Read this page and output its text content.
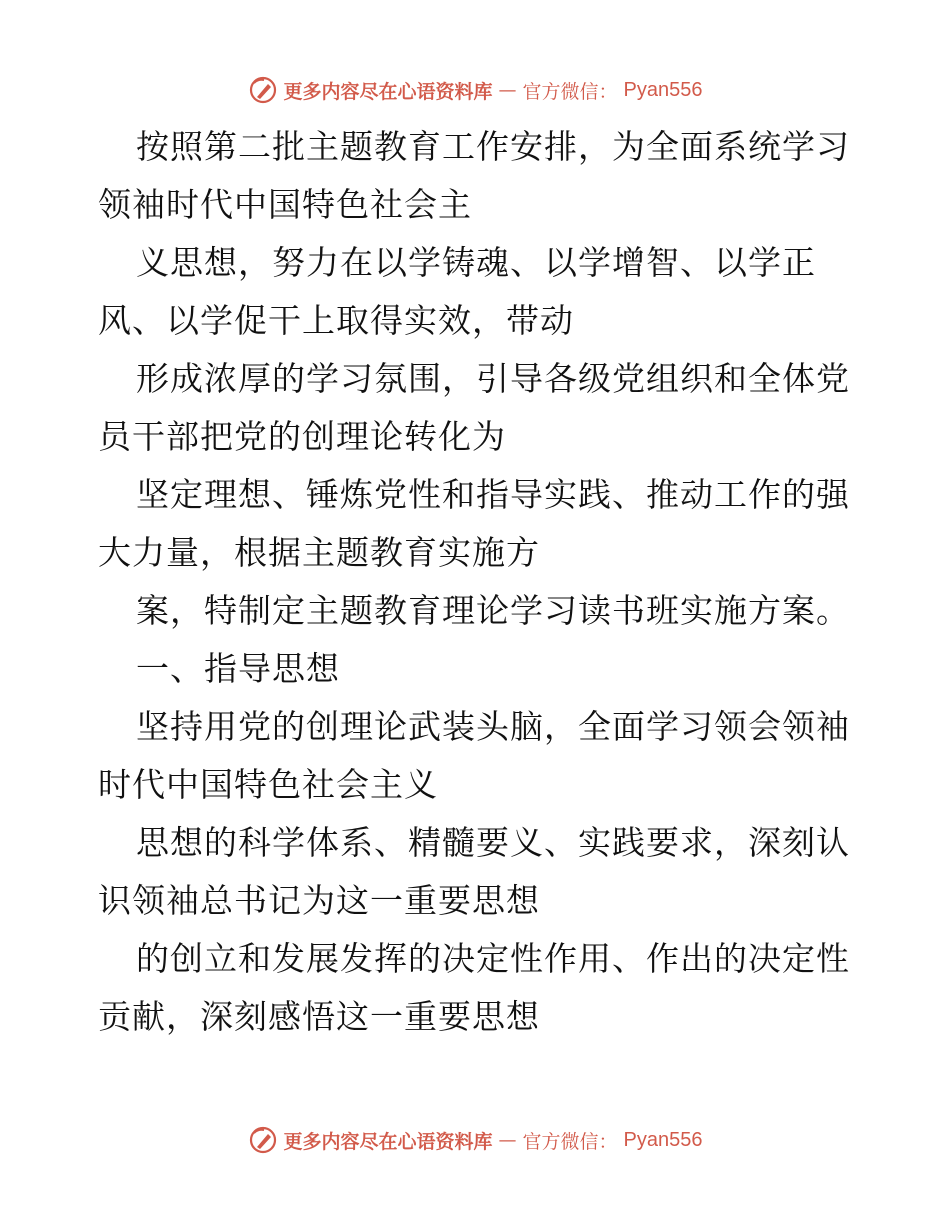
更多内容尽在心语资料库 — 官方微信： Pyan556

按照第二批主题教育工作安排，为全面系统学习
领袖时代中国特色社会主

义思想，努力在以学铸魂、以学增智、以学正
风、以学促干上取得实效，带动

形成浓厚的学习氛围，引导各级党组织和全体党
员干部把党的创理论转化为

坚定理想、锤炼党性和指导实践、推动工作的强
大力量，根据主题教育实施方

案，特制定主题教育理论学习读书班实施方案。

一、指导思想

坚持用党的创理论武装头脑，全面学习领会领袖
时代中国特色社会主义

思想的科学体系、精髓要义、实践要求，深刻认
识领袖总书记为这一重要思想

的创立和发展发挥的决定性作用、作出的决定性
贡献，深刻感悟这一重要思想

更多内容尽在心语资料库 — 官方微信： Pyan556
